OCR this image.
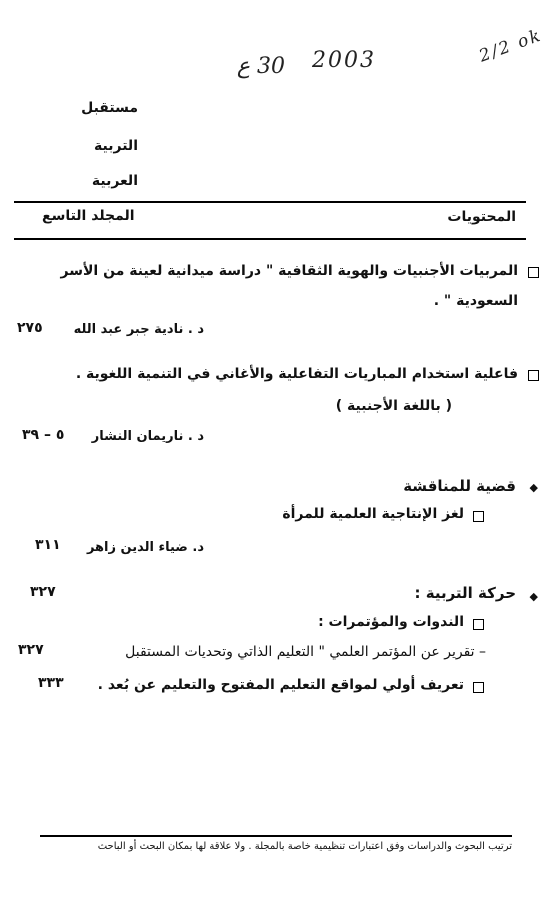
30 ع 2003	2/2 ok
مستقبل
التربية
العربية
المجلد التاسع	المحتويات
المربيات الأجنبيات والهوية الثقافية " دراسة ميدانية لعينة من الأسر
السعودية " .
د . نادية جبر عبد الله
٢٧٥
فاعلية استخدام المباريات التفاعلية والأغاني في التنمية اللغوية .
( باللغة الأجنبية )
د . ناريمان النشار
٥ – ٣٩
◆
قضية للمناقشة
لغز الإنتاجية العلمية للمرأة
د. ضياء الدين زاهر
٣١١
◆
حركة التربية :
٣٢٧
الندوات والمؤتمرات :
– تقرير عن المؤتمر العلمي " التعليم الذاتي وتحديات المستقبل
٣٢٧
تعريف أولي لمواقع التعليم المفتوح والتعليم عن بُعد .
٣٣٣
ترتيب البحوث والدراسات وفق اعتبارات تنظيمية خاصة بالمجلة . ولا علاقة لها بمكان البحث أو الباحث
